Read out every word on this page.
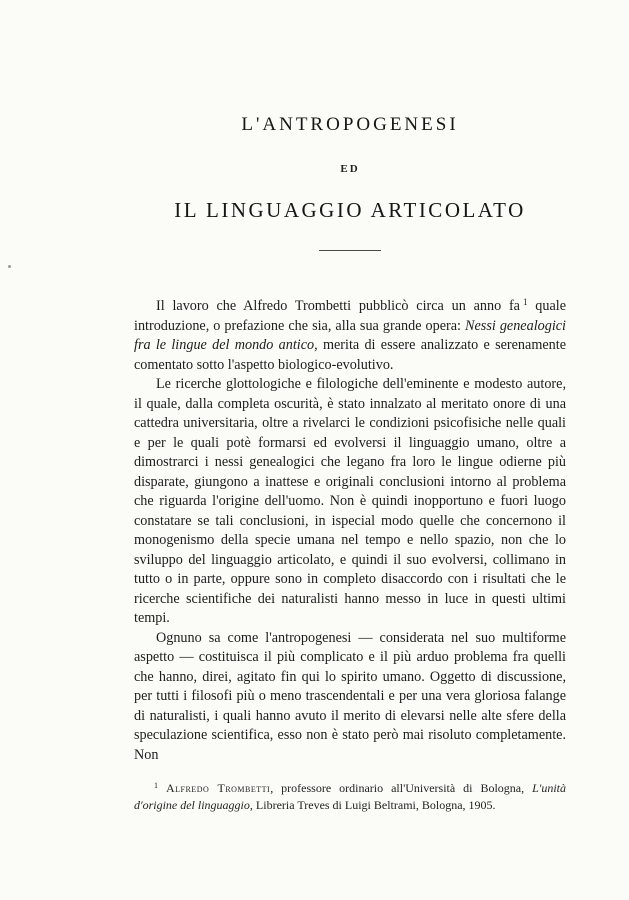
L'ANTROPOGENESI
ED
IL LINGUAGGIO ARTICOLATO

Il lavoro che Alfredo Trombetti pubblicò circa un anno fa $^1$ quale introduzione, o prefazione che sia, alla sua grande opera: Nessi genealogici fra le lingue del mondo antico, merita di essere analizzato e serenamente comentato sotto l'aspetto biologico-evolutivo.

Le ricerche glottologiche e filologiche dell'eminente e modesto autore, il quale, dalla completa oscurità, è stato innalzato al meritato onore di una cattedra universitaria, oltre a rivelarci le condizioni psicofisiche nelle quali e per le quali potè formarsi ed evolversi il linguaggio umano, oltre a dimostrarci i nessi genealogici che legano fra loro le lingue odierne più disparate, giungono a inattese e originali conclusioni intorno al problema che riguarda l'origine dell'uomo. Non è quindi inopportuno e fuori luogo constatare se tali conclusioni, in ispecial modo quelle che concernono il monogenismo della specie umana nel tempo e nello spazio, non che lo sviluppo del linguaggio articolato, e quindi il suo evolversi, collimano in tutto o in parte, oppure sono in completo disaccordo con i risultati che le ricerche scientifiche dei naturalisti hanno messo in luce in questi ultimi tempi.

Ognuno sa come l'antropogenesi — considerata nel suo multiforme aspetto — costituisca il più complicato e il più arduo problema fra quelli che hanno, direi, agitato fin qui lo spirito umano. Oggetto di discussione, per tutti i filosofi più o meno trascendentali e per una vera gloriosa falange di naturalisti, i quali hanno avuto il merito di elevarsi nelle alte sfere della speculazione scientifica, esso non è stato però mai risoluto completamente. Non

$^1$ Alfredo Trombetti, professore ordinario all'Università di Bologna, L'unità d'origine del linguaggio, Libreria Treves di Luigi Beltrami, Bologna, 1905.
